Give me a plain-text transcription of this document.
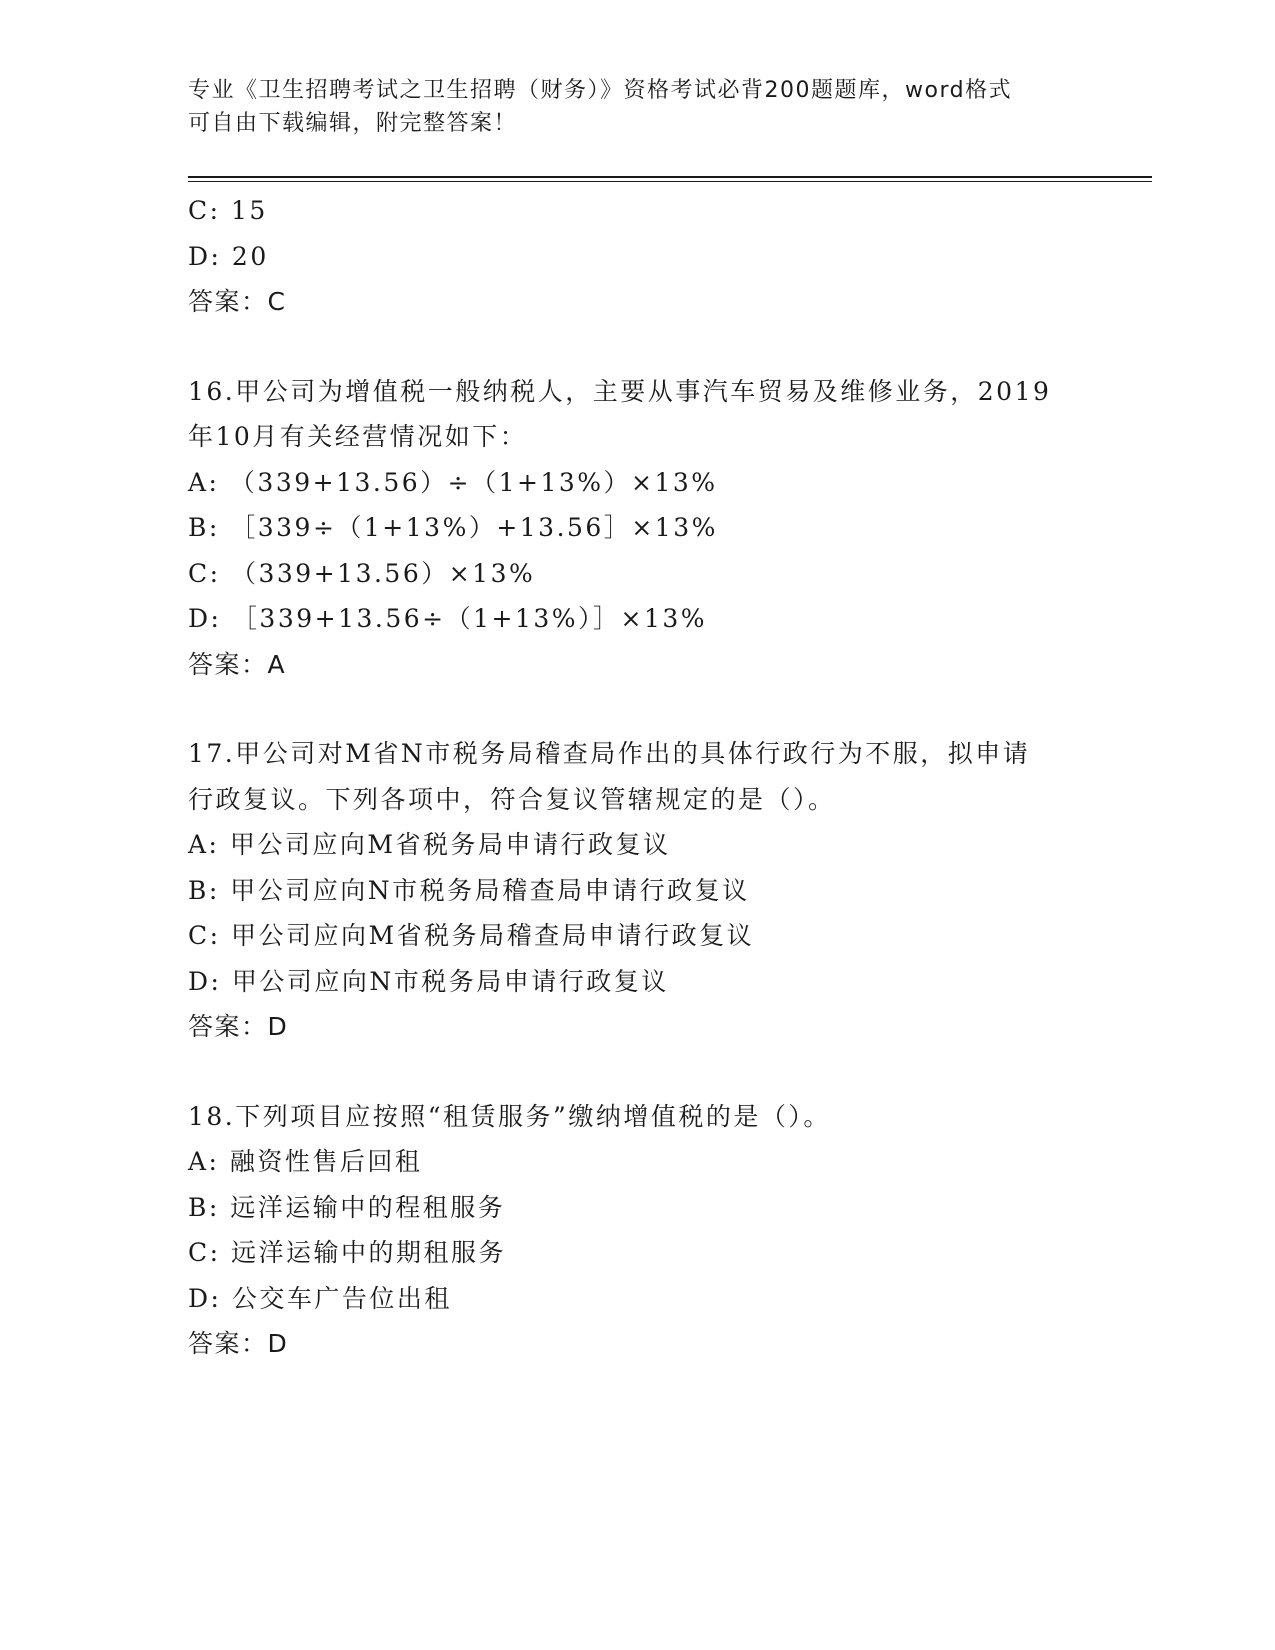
专业《卫生招聘考试之卫生招聘（财务）》资格考试必背200题题库，word格式
可自由下载编辑，附完整答案！
C: 15
D: 20
答案：C
16.甲公司为增值税一般纳税人，主要从事汽车贸易及维修业务，2019
年10月有关经营情况如下：
A: （339+13.56）÷（1+13%）×13%
B: ［339÷（1+13%）+13.56］×13%
C: （339+13.56）×13%
D: ［339+13.56÷（1+13%）］×13%
答案：A
17.甲公司对M省N市税务局稽查局作出的具体行政行为不服，拟申请
行政复议。下列各项中，符合复议管辖规定的是（）。
A: 甲公司应向M省税务局申请行政复议
B: 甲公司应向N市税务局稽查局申请行政复议
C: 甲公司应向M省税务局稽查局申请行政复议
D: 甲公司应向N市税务局申请行政复议
答案：D
18.下列项目应按照“租赁服务”缴纳增值税的是（）。
A: 融资性售后回租
B: 远洋运输中的程租服务
C: 远洋运输中的期租服务
D: 公交车广告位出租
答案：D
